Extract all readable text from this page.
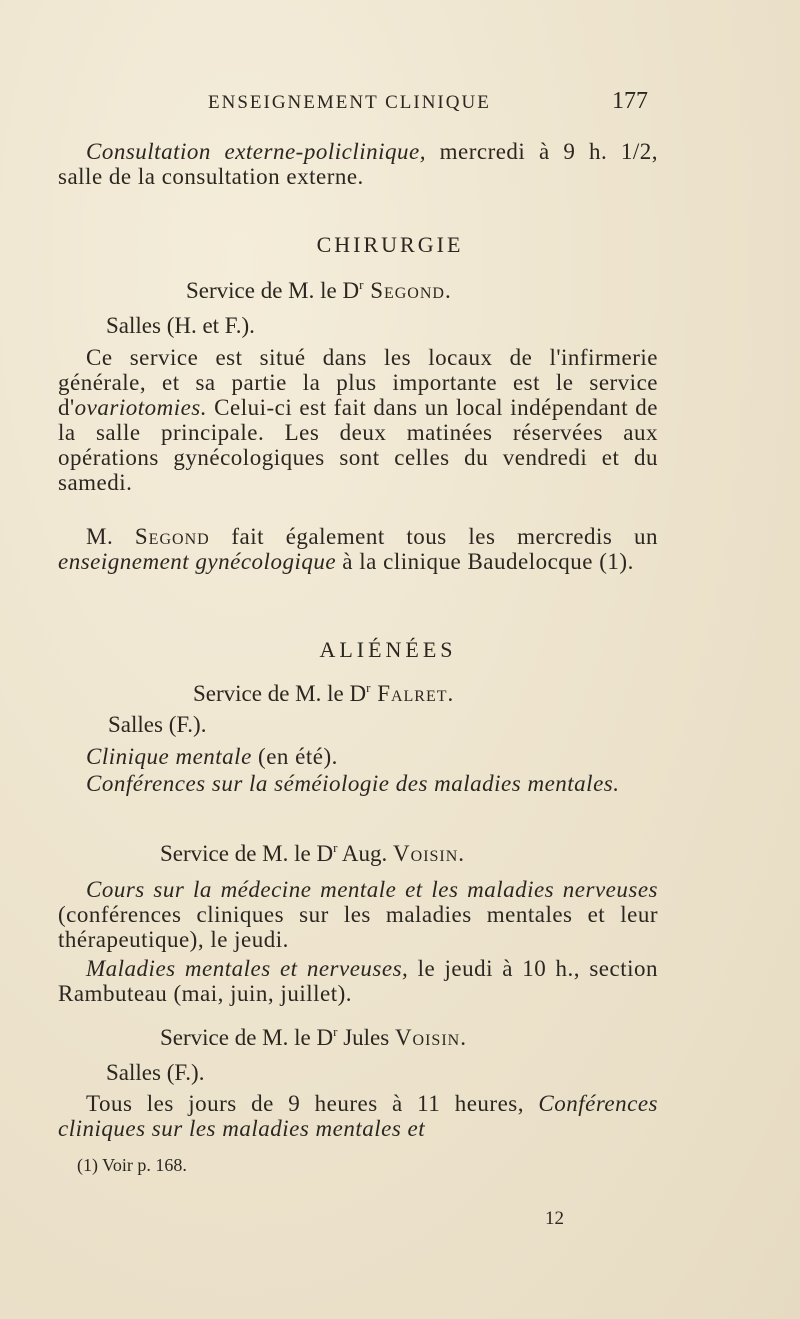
ENSEIGNEMENT CLINIQUE	177

Consultation externe-policlinique, mercredi à 9 h. 1/2, salle de la consultation externe.

CHIRURGIE
Service de M. le $D^r$ Segond.
Salles (H. et F.).

Ce service est situé dans les locaux de l'infirmerie générale, et sa partie la plus importante est le service d'ovariotomies. Celui-ci est fait dans un local indépendant de la salle principale. Les deux matinées réservées aux opérations gynécologiques sont celles du vendredi et du samedi.

M. Segond fait également tous les mercredis un enseignement gynécologique à la clinique Baudelocque (1).

ALIÉNÉES
Service de M. le $D^r$ Falret.
Salles (F.).

Clinique mentale (en été).

Conférences sur la séméiologie des maladies mentales.

Service de M. le $D^r$ Aug. Voisin.

Cours sur la médecine mentale et les maladies nerveuses (conférences cliniques sur les maladies mentales et leur thérapeutique), le jeudi.

Maladies mentales et nerveuses, le jeudi à 10 h., section Rambuteau (mai, juin, juillet).

Service de M. le $D^r$ Jules Voisin.
Salles (F.).

Tous les jours de 9 heures à 11 heures, Conférences cliniques sur les maladies mentales et

(1) Voir p. 168.
12
